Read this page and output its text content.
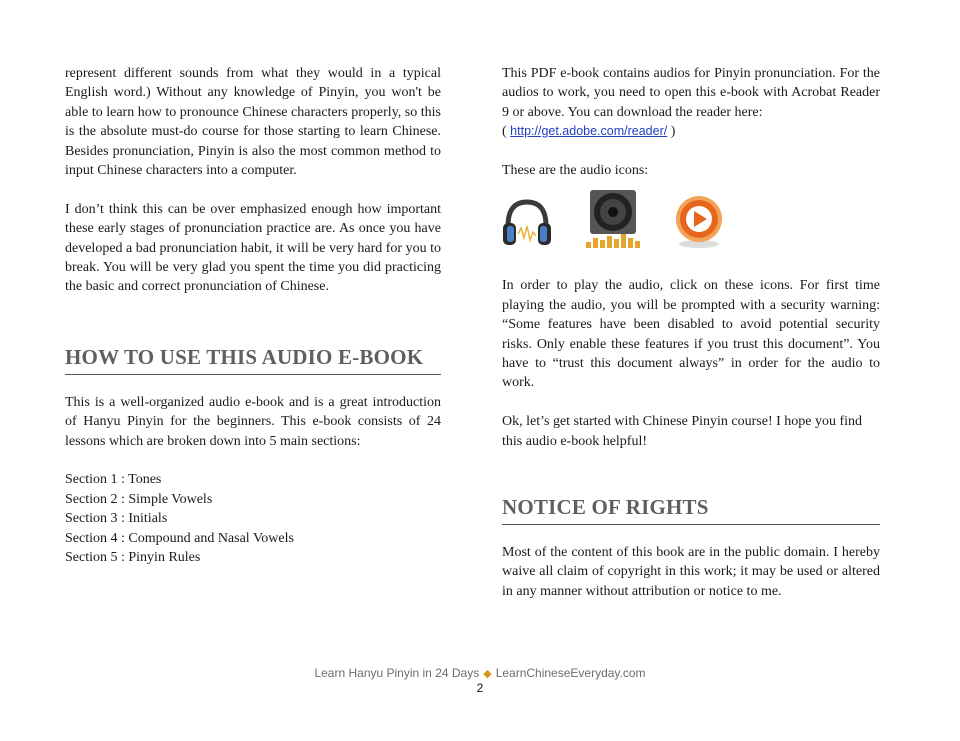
represent different sounds from what they would in a typical English word.) Without any knowledge of Pinyin, you won't be able to learn how to pronounce Chinese characters properly, so this is the absolute must-do course for those starting to learn Chinese. Besides pronunciation, Pinyin is also the most common method to input Chinese characters into a computer.

I don’t think this can be over emphasized enough how important these early stages of pronunciation practice are. As once you have developed a bad pronunciation habit, it will be very hard for you to break. You will be very glad you spent the time you did practicing the basic and correct pronunciation of Chinese.

HOW TO USE THIS AUDIO E-BOOK

This is a well-organized audio e-book and is a great introduction of Hanyu Pinyin for the beginners. This e-book consists of 24 lessons which are broken down into 5 main sections:

Section 1 : Tones

Section 2 : Simple Vowels

Section 3 : Initials

Section 4 : Compound and Nasal Vowels

Section 5 : Pinyin Rules

This PDF e-book contains audios for Pinyin pronunciation. For the audios to work, you need to open this e-book with Acrobat Reader 9 or above. You can download the reader here:

( http://get.adobe.com/reader/ )

These are the audio icons:

In order to play the audio, click on these icons. For first time playing the audio, you will be prompted with a security warning: “Some features have been disabled to avoid potential security risks. Only enable these features if you trust this document”. You have to “trust this document always” in order for the audio to work.

Ok, let’s get started with Chinese Pinyin course! I hope you find this audio e-book helpful!

NOTICE OF RIGHTS

Most of the content of this book are in the public domain. I hereby waive all claim of copyright in this work; it may be used or altered in any manner without attribution or notice to me.

Learn Hanyu Pinyin in 24 Days ◆ LearnChineseEveryday.com
2
